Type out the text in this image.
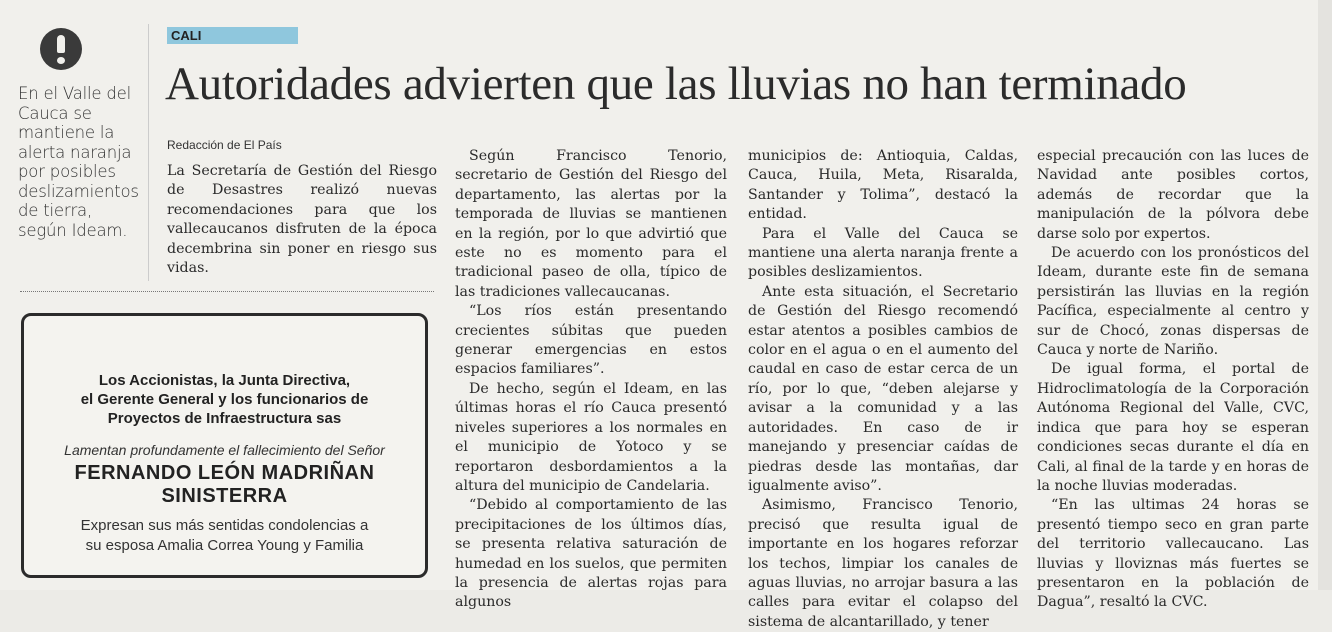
En el Valle del Cauca se mantiene la alerta naranja por posibles deslizamientos de tierra, según Ideam.
Los Accionistas, la Junta Directiva,
el Gerente General y los funcionarios de
Proyectos de Infraestructura sas
Lamentan profundamente el fallecimiento del Señor
FERNANDO LEÓN MADRIÑAN SINISTERRA
Expresan sus más sentidas condolencias a
su esposa Amalia Correa Young y Familia
CALI
Autoridades advierten que las lluvias no han terminado
Redacción de El País

La Secretaría de Gestión del Riesgo de Desastres realizó nuevas recomendaciones para que los vallecaucanos disfruten de la época decembrina sin poner en riesgo sus vidas.

Según Francisco Tenorio, secretario de Gestión del Riesgo del departamento, las alertas por la temporada de lluvias se mantienen en la región, por lo que advirtió que este no es momento para el tradicional paseo de olla, típico de las tradiciones vallecaucanas.

“Los ríos están presentando crecientes súbitas que pueden generar emergencias en estos espacios familiares”.

De hecho, según el Ideam, en las últimas horas el río Cauca presentó niveles superiores a los normales en el municipio de Yotoco y se reportaron desbordamientos a la altura del municipio de Candelaria.

“Debido al comportamiento de las precipitaciones de los últimos días, se presenta relativa saturación de humedad en los suelos, que permiten la presencia de alertas rojas para algunos

municipios de: Antioquia, Caldas, Cauca, Huila, Meta, Risaralda, Santander y Tolima”, destacó la entidad.

Para el Valle del Cauca se mantiene una alerta naranja frente a posibles deslizamientos.

Ante esta situación, el Secretario de Gestión del Riesgo recomendó estar atentos a posibles cambios de color en el agua o en el aumento del caudal en caso de estar cerca de un río, por lo que, “deben alejarse y avisar a la comunidad y a las autoridades. En caso de ir manejando y presenciar caídas de piedras desde las montañas, dar igualmente aviso”.

Asimismo, Francisco Tenorio, precisó que resulta igual de importante en los hogares reforzar los techos, limpiar los canales de aguas lluvias, no arrojar basura a las calles para evitar el colapso del sistema de alcantarillado, y tener

especial precaución con las luces de Navidad ante posibles cortos, además de recordar que la manipulación de la pólvora debe darse solo por expertos.

De acuerdo con los pronósticos del Ideam, durante este fin de semana persistirán las lluvias en la región Pacífica, especialmente al centro y sur de Chocó, zonas dispersas de Cauca y norte de Nariño.

De igual forma, el portal de Hidroclimatología de la Corporación Autónoma Regional del Valle, CVC, indica que para hoy se esperan condiciones secas durante el día en Cali, al final de la tarde y en horas de la noche lluvias moderadas.

“En las ultimas 24 horas se presentó tiempo seco en gran parte del territorio vallecaucano. Las lluvias y lloviznas más fuertes se presentaron en la población de Dagua”, resaltó la CVC.
